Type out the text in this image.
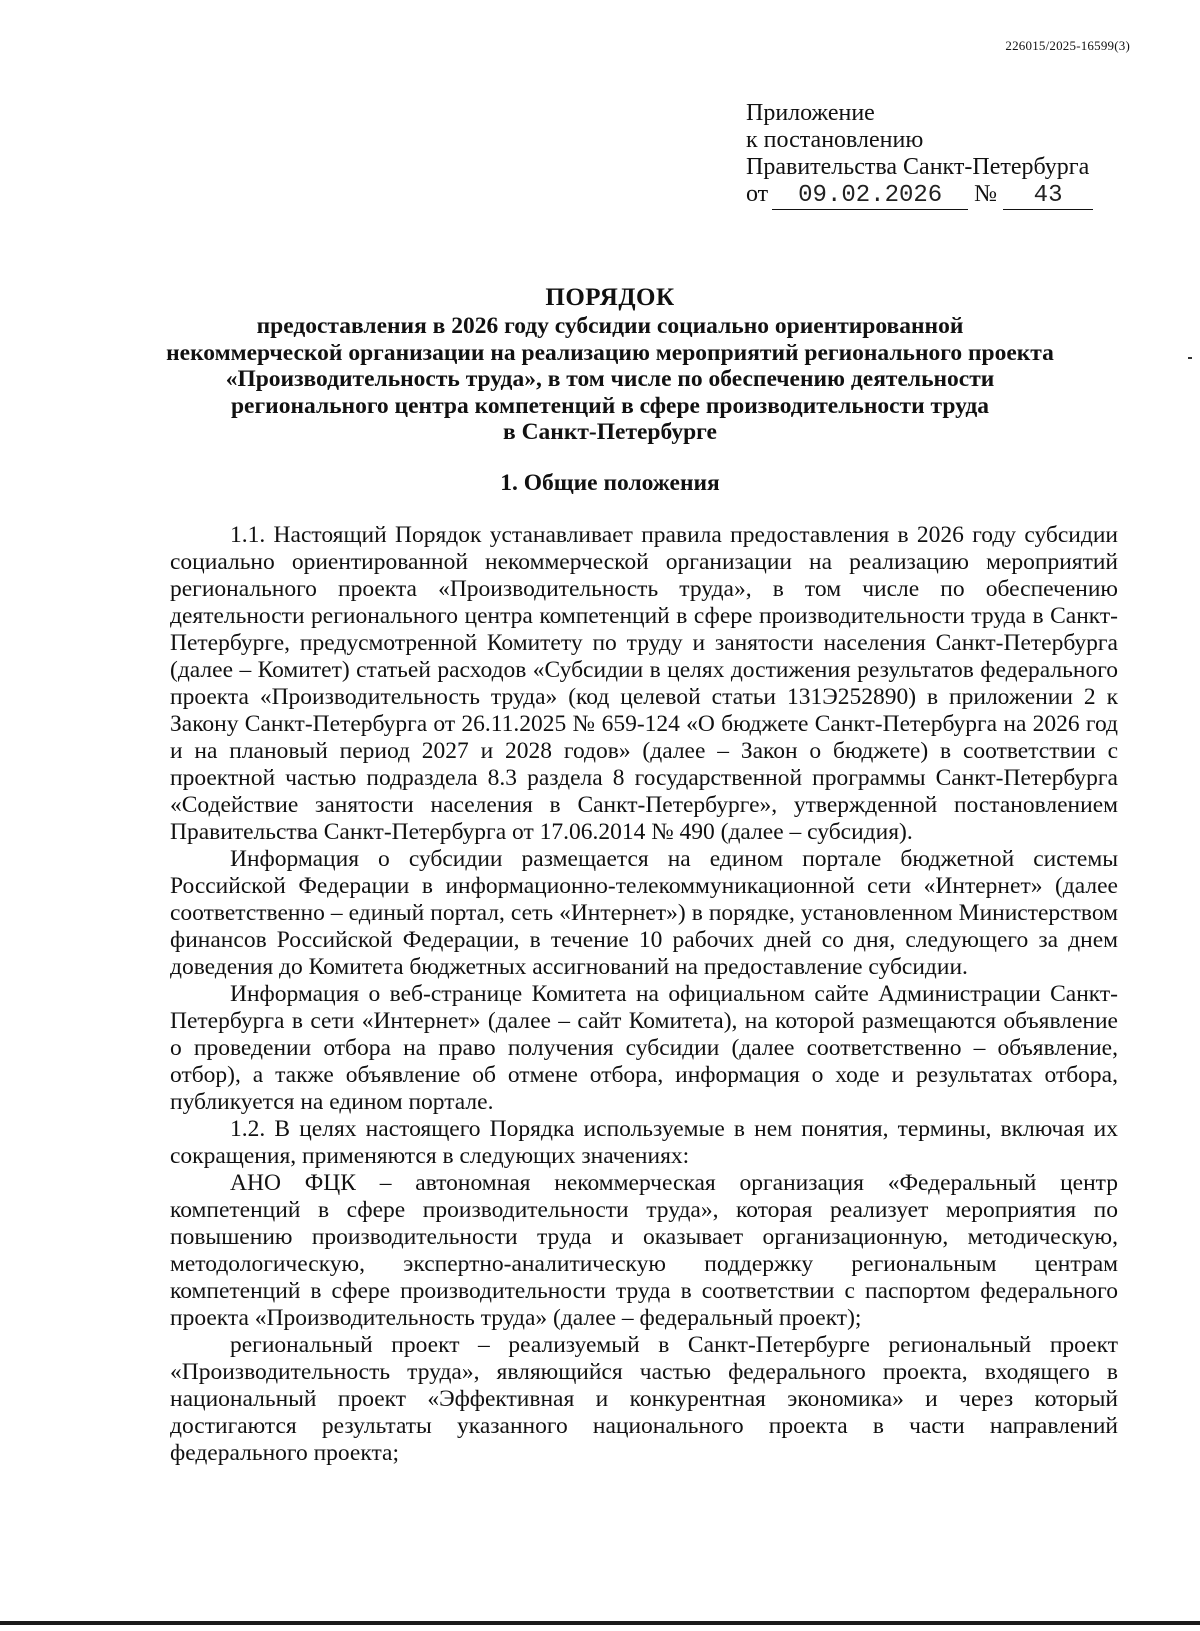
226015/2025-16599(3)
Приложение
к постановлению
Правительства Санкт-Петербурга
от 09.02.2026 № 43
ПОРЯДОК
предоставления в 2026 году субсидии социально ориентированной
некоммерческой организации на реализацию мероприятий регионального проекта
«Производительность труда», в том числе по обеспечению деятельности
регионального центра компетенций в сфере производительности труда
в Санкт-Петербурге
1. Общие положения

1.1. Настоящий Порядок устанавливает правила предоставления в 2026 году субсидии социально ориентированной некоммерческой организации на реализацию мероприятий регионального проекта «Производительность труда», в том числе по обеспечению деятельности регионального центра компетенций в сфере производительности труда в Санкт-Петербурге, предусмотренной Комитету по труду и занятости населения Санкт-Петербурга (далее – Комитет) статьей расходов «Субсидии в целях достижения результатов федерального проекта «Производительность труда» (код целевой статьи 131Э252890) в приложении 2 к Закону Санкт-Петербурга от 26.11.2025 № 659-124 «О бюджете Санкт-Петербурга на 2026 год и на плановый период 2027 и 2028 годов» (далее – Закон о бюджете) в соответствии с проектной частью подраздела 8.3 раздела 8 государственной программы Санкт-Петербурга «Содействие занятости населения в Санкт-Петербурге», утвержденной постановлением Правительства Санкт-Петербурга от 17.06.2014 № 490 (далее – субсидия).

Информация о субсидии размещается на едином портале бюджетной системы Российской Федерации в информационно-телекоммуникационной сети «Интернет» (далее соответственно – единый портал, сеть «Интернет») в порядке, установленном Министерством финансов Российской Федерации, в течение 10 рабочих дней со дня, следующего за днем доведения до Комитета бюджетных ассигнований на предоставление субсидии.

Информация о веб-странице Комитета на официальном сайте Администрации Санкт-Петербурга в сети «Интернет» (далее – сайт Комитета), на которой размещаются объявление о проведении отбора на право получения субсидии (далее соответственно – объявление, отбор), а также объявление об отмене отбора, информация о ходе и результатах отбора, публикуется на едином портале.

1.2. В целях настоящего Порядка используемые в нем понятия, термины, включая их сокращения, применяются в следующих значениях:

АНО ФЦК – автономная некоммерческая организация «Федеральный центр компетенций в сфере производительности труда», которая реализует мероприятия по повышению производительности труда и оказывает организационную, методическую, методологическую, экспертно-аналитическую поддержку региональным центрам компетенций в сфере производительности труда в соответствии с паспортом федерального проекта «Производительность труда» (далее – федеральный проект);

региональный проект – реализуемый в Санкт-Петербурге региональный проект «Производительность труда», являющийся частью федерального проекта, входящего в национальный проект «Эффективная и конкурентная экономика» и через который достигаются результаты указанного национального проекта в части направлений федерального проекта;
